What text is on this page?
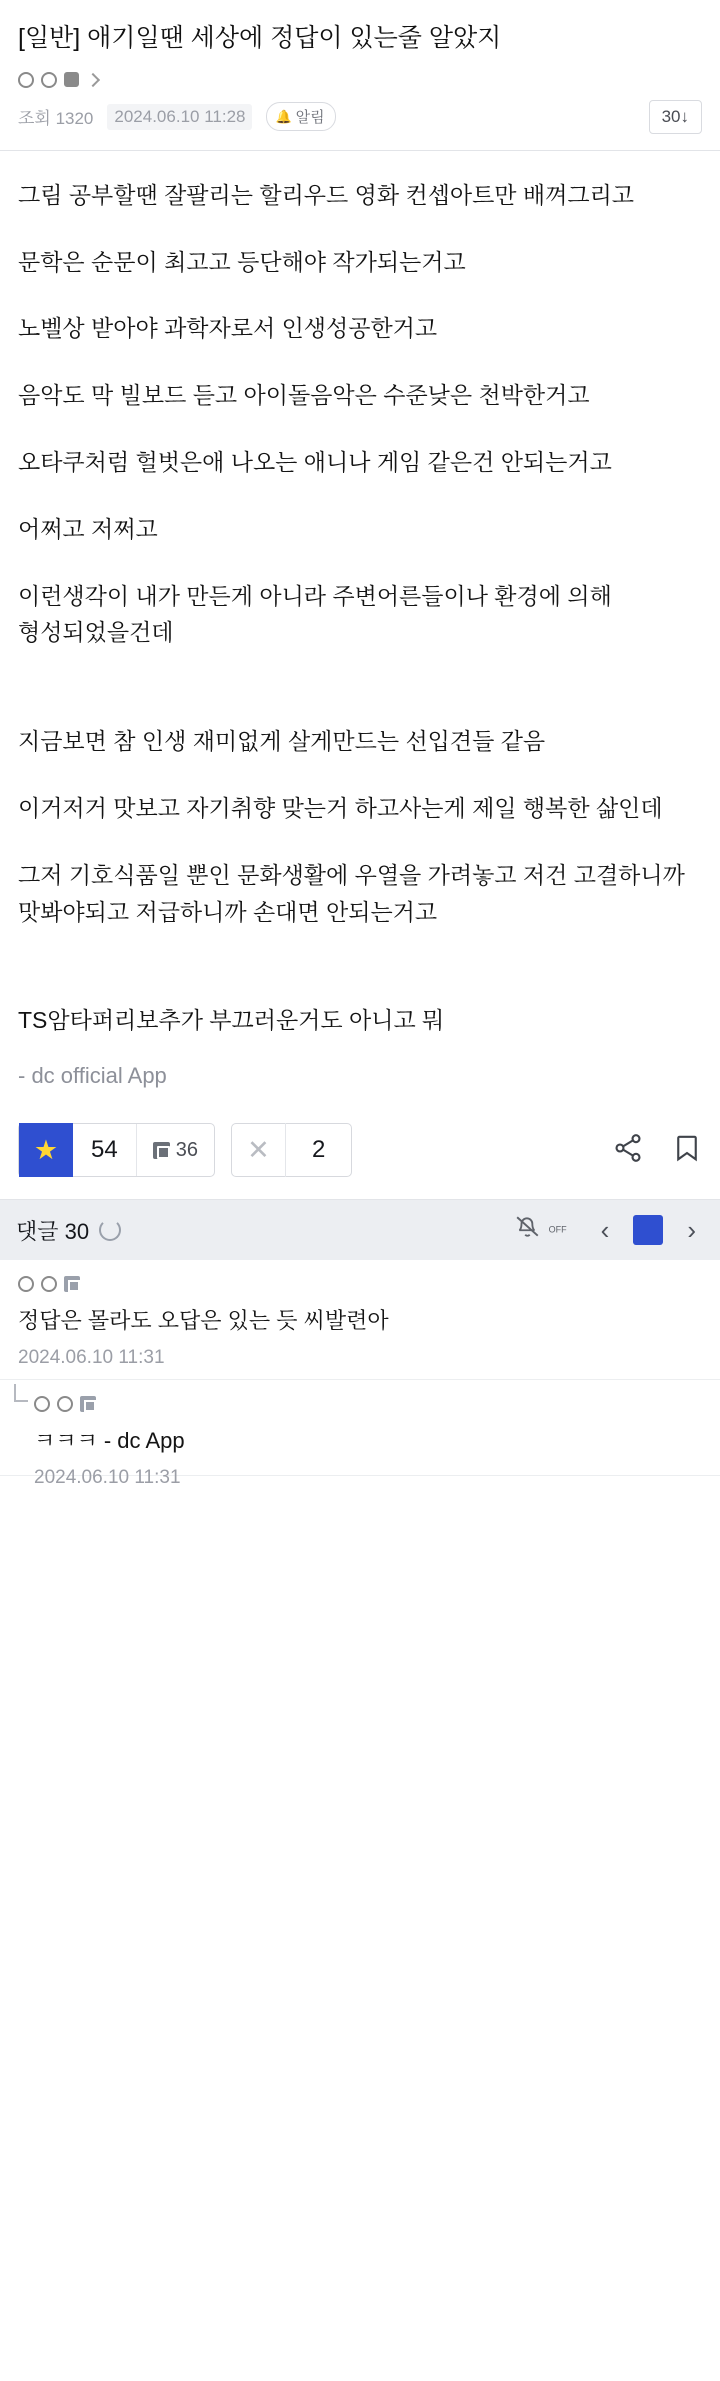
[일반] 애기일땐 세상에 정답이 있는줄 알았지
조회 1320	2024.06.10 11:28	🔔 알림	30↓

그림 공부할땐 잘팔리는 할리우드 영화 컨셉아트만 배껴그리고

문학은 순문이 최고고 등단해야 작가되는거고

노벨상 받아야 과학자로서 인생성공한거고

음악도 막 빌보드 듣고 아이돌음악은 수준낮은 천박한거고

오타쿠처럼 헐벗은애 나오는 애니나 게임 같은건 안되는거고

어쩌고 저쩌고

이런생각이 내가 만든게 아니라 주변어른들이나 환경에 의해 형성되었을건데

지금보면 참 인생 재미없게 살게만드는 선입견들 같음

이거저거 맛보고 자기취향 맞는거 하고사는게 제일 행복한 삶인데

그저 기호식품일 뿐인 문화생활에 우열을 가려놓고 저건 고결하니까 맛봐야되고 저급하니까 손대면 안되는거고

TS암타퍼리보추가 부끄러운거도 아니고 뭐

- dc official App
★	54	36	✕	2
댓글 30	$^{OFF}$	‹	›
정답은 몰라도 오답은 있는 듯 씨발련아
2024.06.10 11:31
ㅋㅋㅋ - dc App
2024.06.10 11:31
